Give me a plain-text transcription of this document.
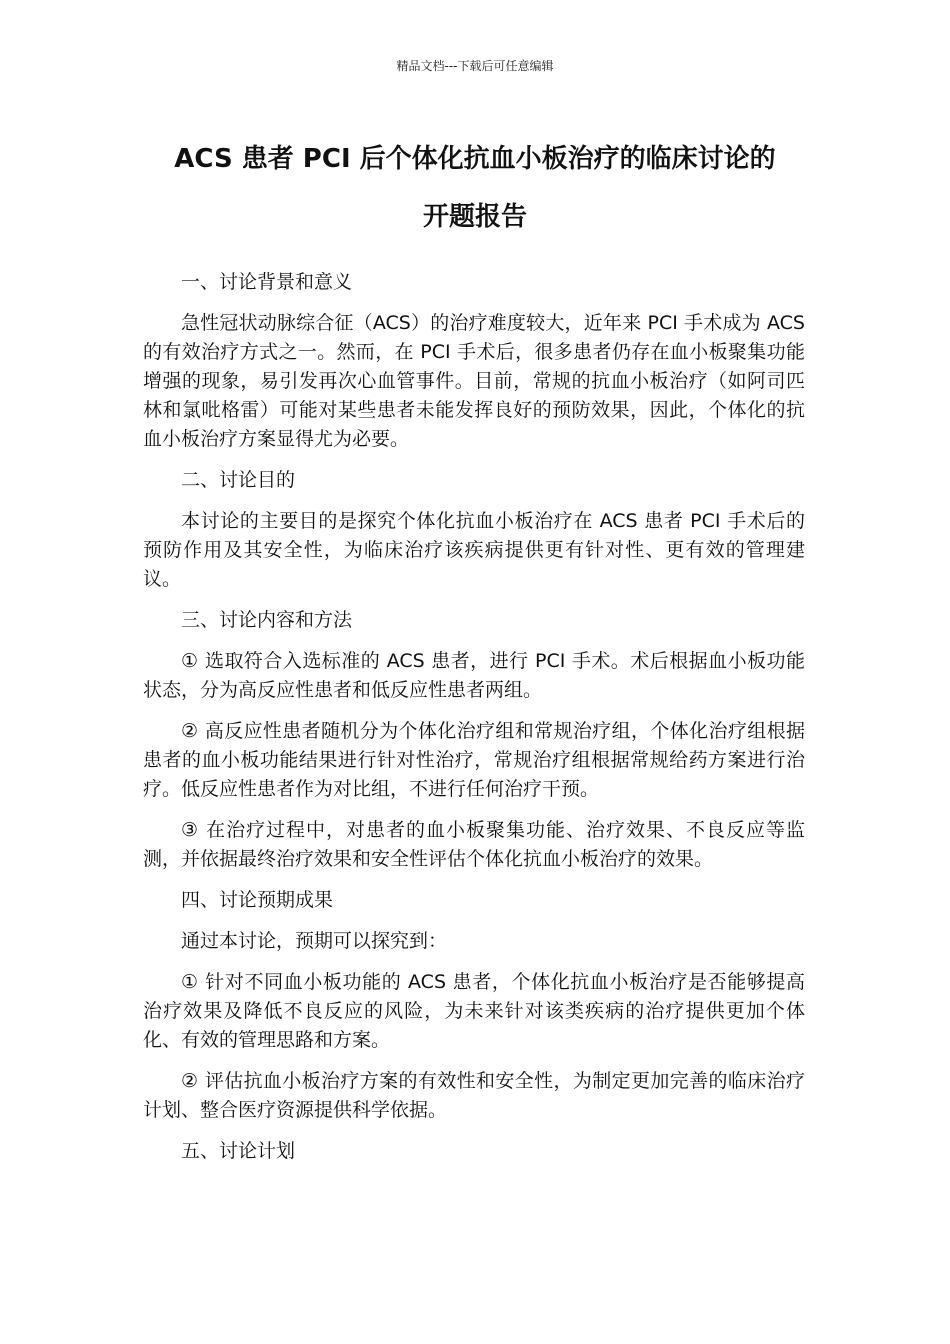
精品文档---下载后可任意编辑
ACS 患者 PCI 后个体化抗血小板治疗的临床讨论的
开题报告

一、讨论背景和意义

急性冠状动脉综合征（ACS）的治疗难度较大，近年来 PCI 手术成为 ACS 的有效治疗方式之一。然而，在 PCI 手术后，很多患者仍存在血小板聚集功能增强的现象，易引发再次心血管事件。目前，常规的抗血小板治疗（如阿司匹林和氯吡格雷）可能对某些患者未能发挥良好的预防效果，因此，个体化的抗血小板治疗方案显得尤为必要。

二、讨论目的

本讨论的主要目的是探究个体化抗血小板治疗在 ACS 患者 PCI 手术后的预防作用及其安全性，为临床治疗该疾病提供更有针对性、更有效的管理建议。

三、讨论内容和方法

① 选取符合入选标准的 ACS 患者，进行 PCI 手术。术后根据血小板功能状态，分为高反应性患者和低反应性患者两组。

② 高反应性患者随机分为个体化治疗组和常规治疗组，个体化治疗组根据患者的血小板功能结果进行针对性治疗，常规治疗组根据常规给药方案进行治疗。低反应性患者作为对比组，不进行任何治疗干预。

③ 在治疗过程中，对患者的血小板聚集功能、治疗效果、不良反应等监测，并依据最终治疗效果和安全性评估个体化抗血小板治疗的效果。

四、讨论预期成果

通过本讨论，预期可以探究到：

① 针对不同血小板功能的 ACS 患者，个体化抗血小板治疗是否能够提高治疗效果及降低不良反应的风险，为未来针对该类疾病的治疗提供更加个体化、有效的管理思路和方案。

② 评估抗血小板治疗方案的有效性和安全性，为制定更加完善的临床治疗计划、整合医疗资源提供科学依据。

五、讨论计划
